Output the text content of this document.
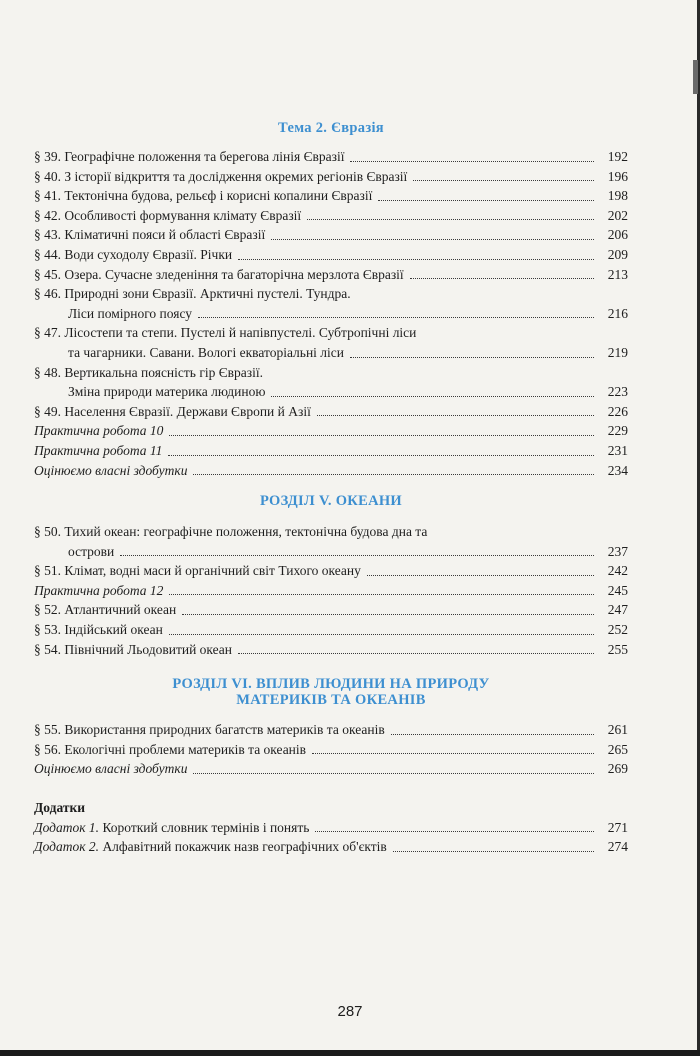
Тема 2. Євразія
§ 39. Географічне положення та берегова лінія Євразії	192
§ 40. З історії відкриття та дослідження окремих регіонів Євразії	196
§ 41. Тектонічна будова, рельєф і корисні копалини Євразії	198
§ 42. Особливості формування клімату Євразії	202
§ 43. Кліматичні пояси й області Євразії	206
§ 44. Води суходолу Євразії. Річки	209
§ 45. Озера. Сучасне зледеніння та багаторічна мерзлота Євразії	213
§ 46. Природні зони Євразії. Арктичні пустелі. Тундра.
Ліси помірного поясу	216
§ 47. Лісостепи та степи. Пустелі й напівпустелі. Субтропічні ліси
та чагарники. Савани. Вологі екваторіальні ліси	219
§ 48. Вертикальна поясність гір Євразії.
Зміна природи материка людиною	223
§ 49. Населення Євразії. Держави Європи й Азії	226
Практична робота 10	229
Практична робота 11	231
Оцінюємо власні здобутки	234
РОЗДІЛ V. ОКЕАНИ
§ 50. Тихий океан: географічне положення, тектонічна будова дна та
острови	237
§ 51. Клімат, водні маси й органічний світ Тихого океану	242
Практична робота 12	245
§ 52. Атлантичний океан	247
§ 53. Індійський океан	252
§ 54. Північний Льодовитий океан	255
РОЗДІЛ VI. ВПЛИВ ЛЮДИНИ НА ПРИРОДУ
МАТЕРИКІВ ТА ОКЕАНІВ
§ 55. Використання природних багатств материків та океанів	261
§ 56. Екологічні проблеми материків та океанів	265
Оцінюємо власні здобутки	269
Додатки
Додаток 1. Короткий словник термінів і понять	271
Додаток 2. Алфавітний покажчик назв географічних об'єктів	274
287
